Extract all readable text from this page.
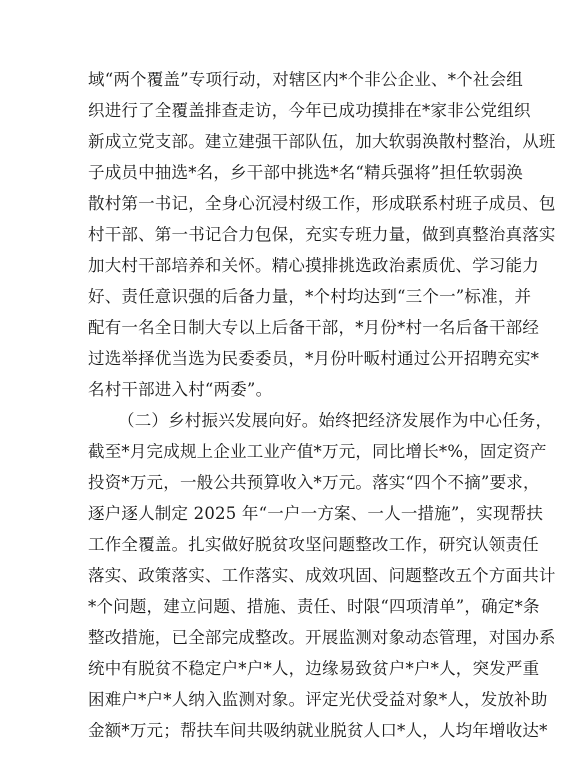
域“两个覆盖”专项行动，对辖区内*个非公企业、*个社会组
织进行了全覆盖排查走访，今年已成功摸排在*家非公党组织
新成立党支部。建立建强干部队伍，加大软弱涣散村整治，从班
子成员中抽选*名，乡干部中挑选*名“精兵强将”担任软弱涣
散村第一书记，全身心沉浸村级工作，形成联系村班子成员、包
村干部、第一书记合力包保，充实专班力量，做到真整治真落实
加大村干部培养和关怀。精心摸排挑选政治素质优、学习能力
好、责任意识强的后备力量，*个村均达到“三个一”标准，并
配有一名全日制大专以上后备干部，*月份*村一名后备干部经
过选举择优当选为民委委员，*月份叶畈村通过公开招聘充实*
名村干部进入村“两委”。
（二）乡村振兴发展向好。始终把经济发展作为中心任务，
截至*月完成规上企业工业产值*万元，同比增长*%，固定资产
投资*万元，一般公共预算收入*万元。落实“四个不摘”要求，
逐户逐人制定 2025 年“一户一方案、一人一措施”，实现帮扶
工作全覆盖。扎实做好脱贫攻坚问题整改工作，研究认领责任
落实、政策落实、工作落实、成效巩固、问题整改五个方面共计
*个问题，建立问题、措施、责任、时限“四项清单”，确定*条
整改措施，已全部完成整改。开展监测对象动态管理，对国办系
统中有脱贫不稳定户*户*人，边缘易致贫户*户*人，突发严重
困难户*户*人纳入监测对象。评定光伏受益对象*人，发放补助
金额*万元；帮扶车间共吸纳就业脱贫人口*人，人均年增收达*
